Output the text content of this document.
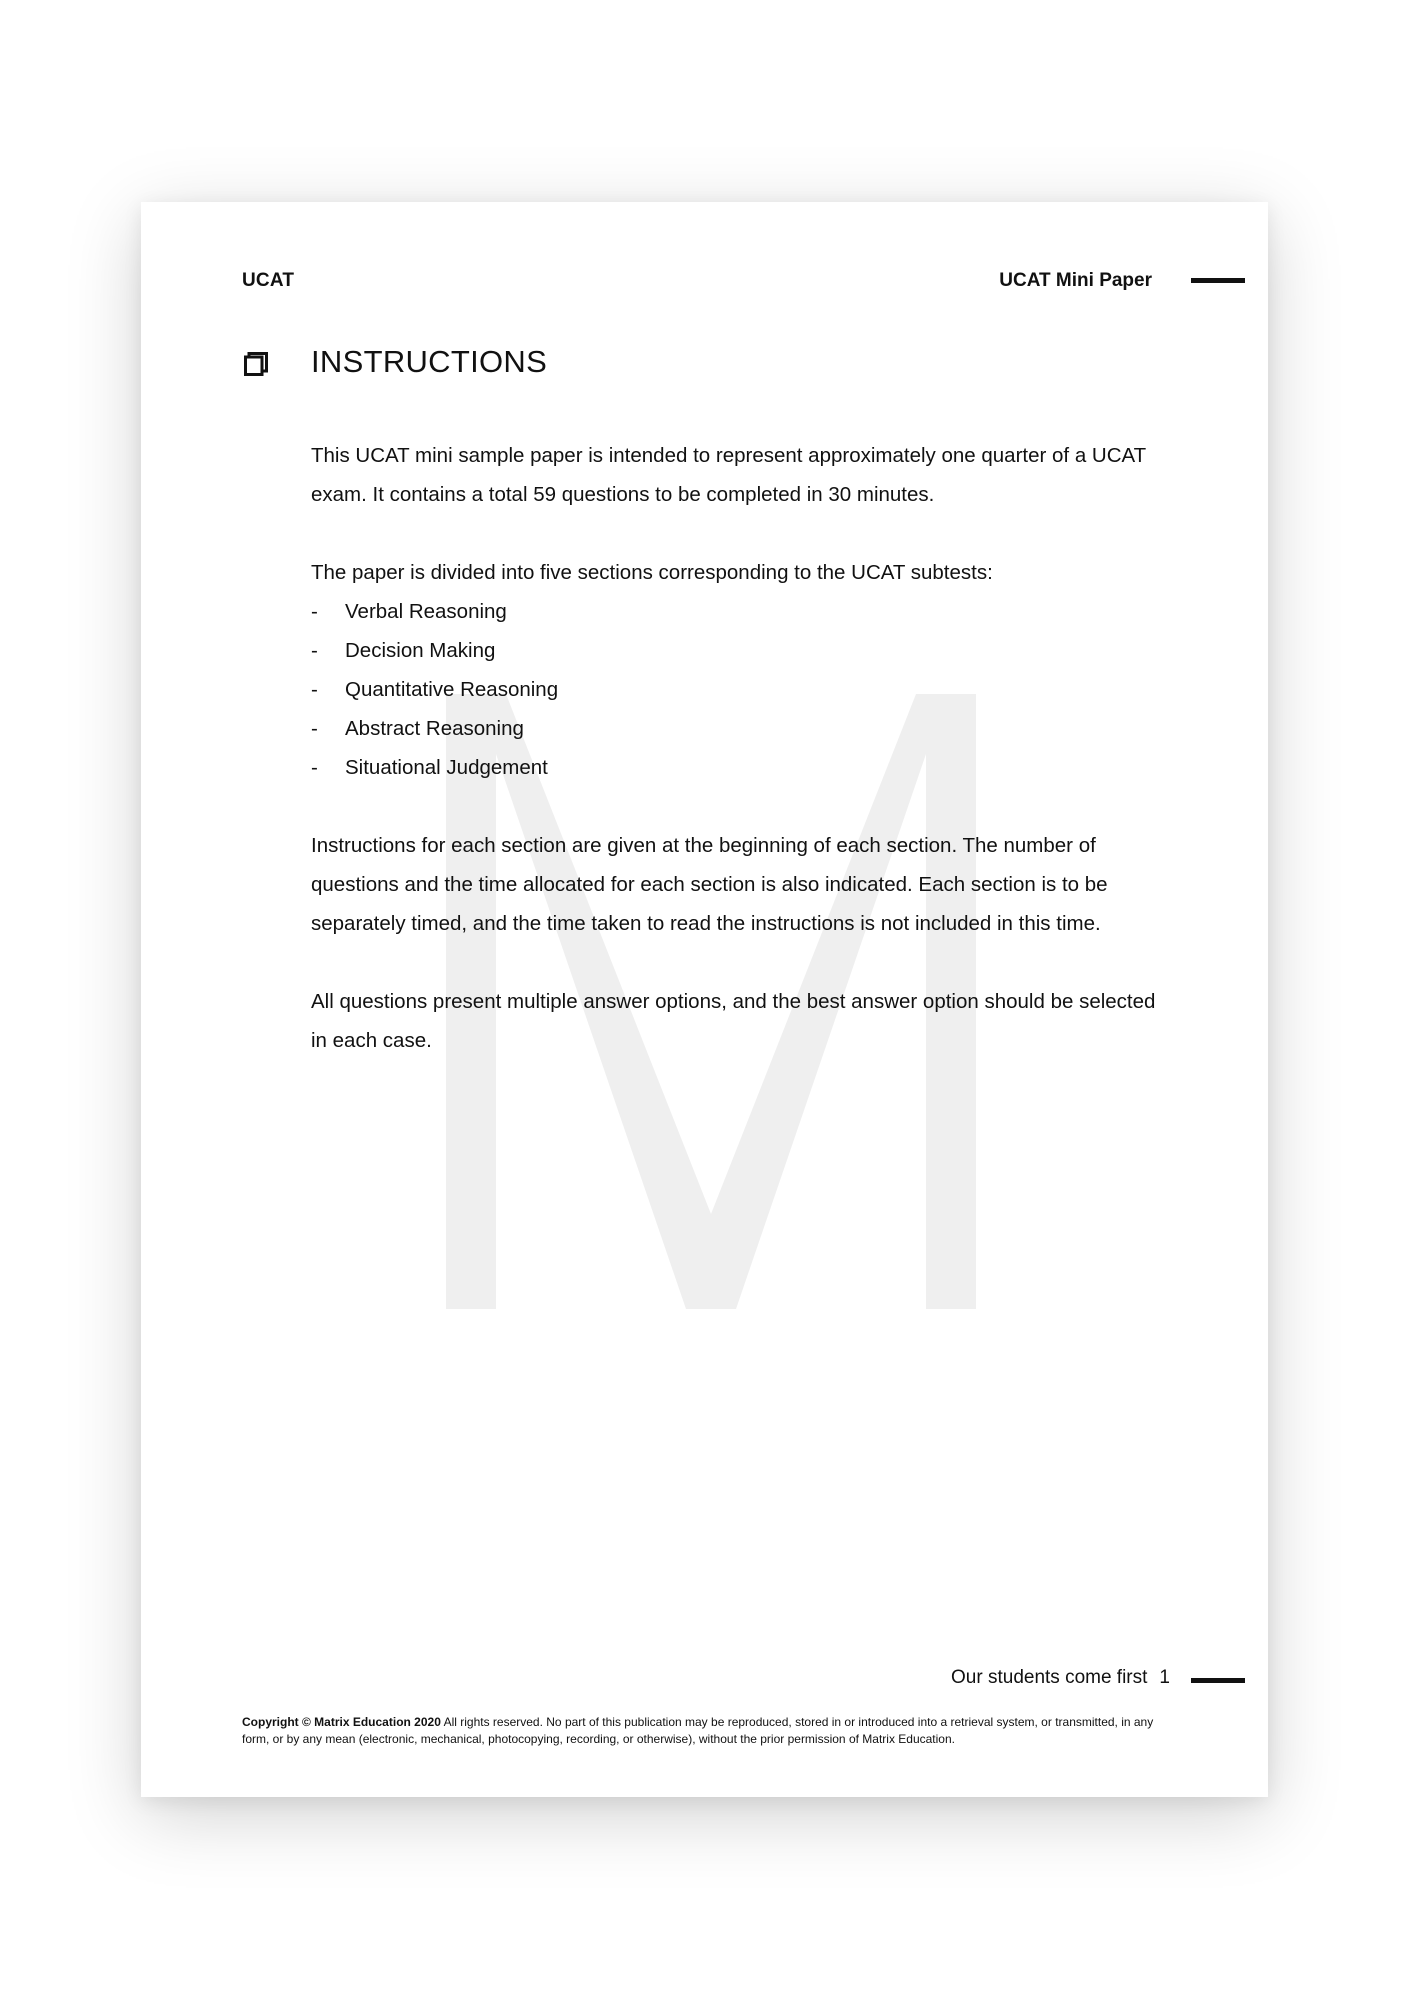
UCAT	UCAT Mini Paper
INSTRUCTIONS

This UCAT mini sample paper is intended to represent approximately one quarter of a UCAT exam. It contains a total 59 questions to be completed in 30 minutes.

The paper is divided into five sections corresponding to the UCAT subtests:

- Verbal Reasoning
- Decision Making
- Quantitative Reasoning
- Abstract Reasoning
- Situational Judgement

Instructions for each section are given at the beginning of each section. The number of questions and the time allocated for each section is also indicated. Each section is to be separately timed, and the time taken to read the instructions is not included in this time.

All questions present multiple answer options, and the best answer option should be selected in each case.

Our students come first 1
Copyright © Matrix Education 2020 All rights reserved. No part of this publication may be reproduced, stored in or introduced into a retrieval system, or transmitted, in any form, or by any mean (electronic, mechanical, photocopying, recording, or otherwise), without the prior permission of Matrix Education.
